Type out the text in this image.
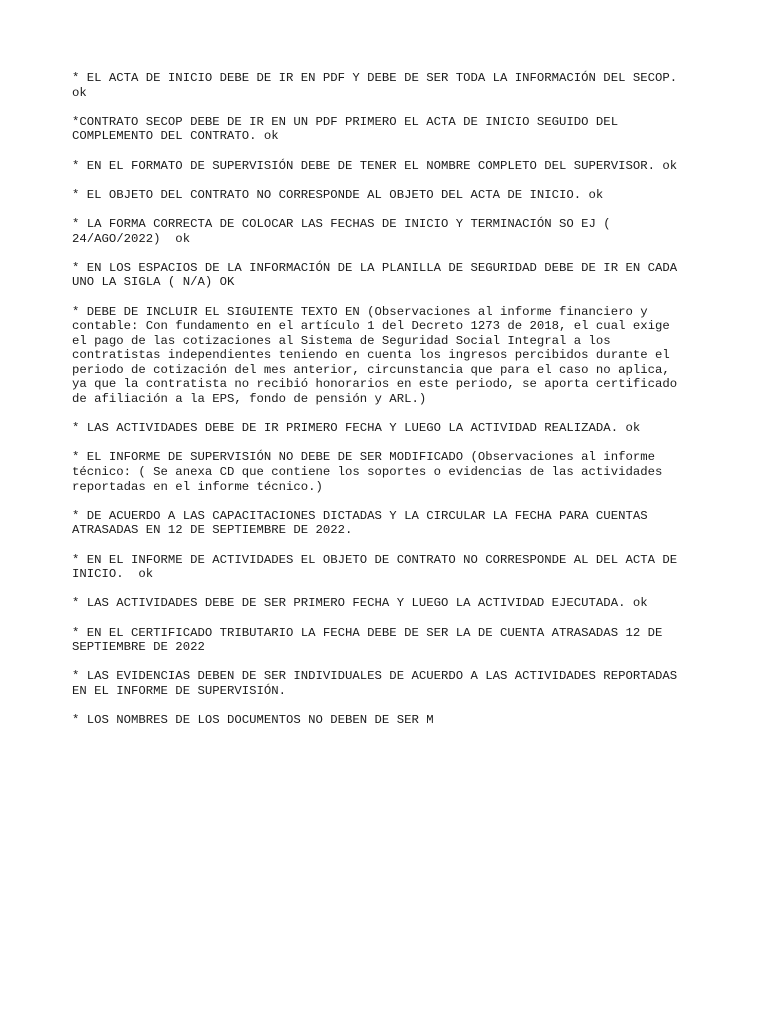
* EL ACTA DE INICIO DEBE DE IR EN PDF Y DEBE DE SER TODA LA INFORMACIÓN DEL SECOP.
ok

*CONTRATO SECOP DEBE DE IR EN UN PDF PRIMERO EL ACTA DE INICIO SEGUIDO DEL
COMPLEMENTO DEL CONTRATO. ok

* EN EL FORMATO DE SUPERVISIÓN DEBE DE TENER EL NOMBRE COMPLETO DEL SUPERVISOR. ok

* EL OBJETO DEL CONTRATO NO CORRESPONDE AL OBJETO DEL ACTA DE INICIO. ok

* LA FORMA CORRECTA DE COLOCAR LAS FECHAS DE INICIO Y TERMINACIÓN SO EJ (
24/AGO/2022)  ok

* EN LOS ESPACIOS DE LA INFORMACIÓN DE LA PLANILLA DE SEGURIDAD DEBE DE IR EN CADA
UNO LA SIGLA ( N/A) OK

* DEBE DE INCLUIR EL SIGUIENTE TEXTO EN (Observaciones al informe financiero y
contable: Con fundamento en el artículo 1 del Decreto 1273 de 2018, el cual exige
el pago de las cotizaciones al Sistema de Seguridad Social Integral a los
contratistas independientes teniendo en cuenta los ingresos percibidos durante el
periodo de cotización del mes anterior, circunstancia que para el caso no aplica,
ya que la contratista no recibió honorarios en este periodo, se aporta certificado
de afiliación a la EPS, fondo de pensión y ARL.)

* LAS ACTIVIDADES DEBE DE IR PRIMERO FECHA Y LUEGO LA ACTIVIDAD REALIZADA. ok

* EL INFORME DE SUPERVISIÓN NO DEBE DE SER MODIFICADO (Observaciones al informe
técnico: ( Se anexa CD que contiene los soportes o evidencias de las actividades
reportadas en el informe técnico.)

* DE ACUERDO A LAS CAPACITACIONES DICTADAS Y LA CIRCULAR LA FECHA PARA CUENTAS
ATRASADAS EN 12 DE SEPTIEMBRE DE 2022.

* EN EL INFORME DE ACTIVIDADES EL OBJETO DE CONTRATO NO CORRESPONDE AL DEL ACTA DE
INICIO.  ok

* LAS ACTIVIDADES DEBE DE SER PRIMERO FECHA Y LUEGO LA ACTIVIDAD EJECUTADA. ok

* EN EL CERTIFICADO TRIBUTARIO LA FECHA DEBE DE SER LA DE CUENTA ATRASADAS 12 DE
SEPTIEMBRE DE 2022

* LAS EVIDENCIAS DEBEN DE SER INDIVIDUALES DE ACUERDO A LAS ACTIVIDADES REPORTADAS
EN EL INFORME DE SUPERVISIÓN.

* LOS NOMBRES DE LOS DOCUMENTOS NO DEBEN DE SER M
